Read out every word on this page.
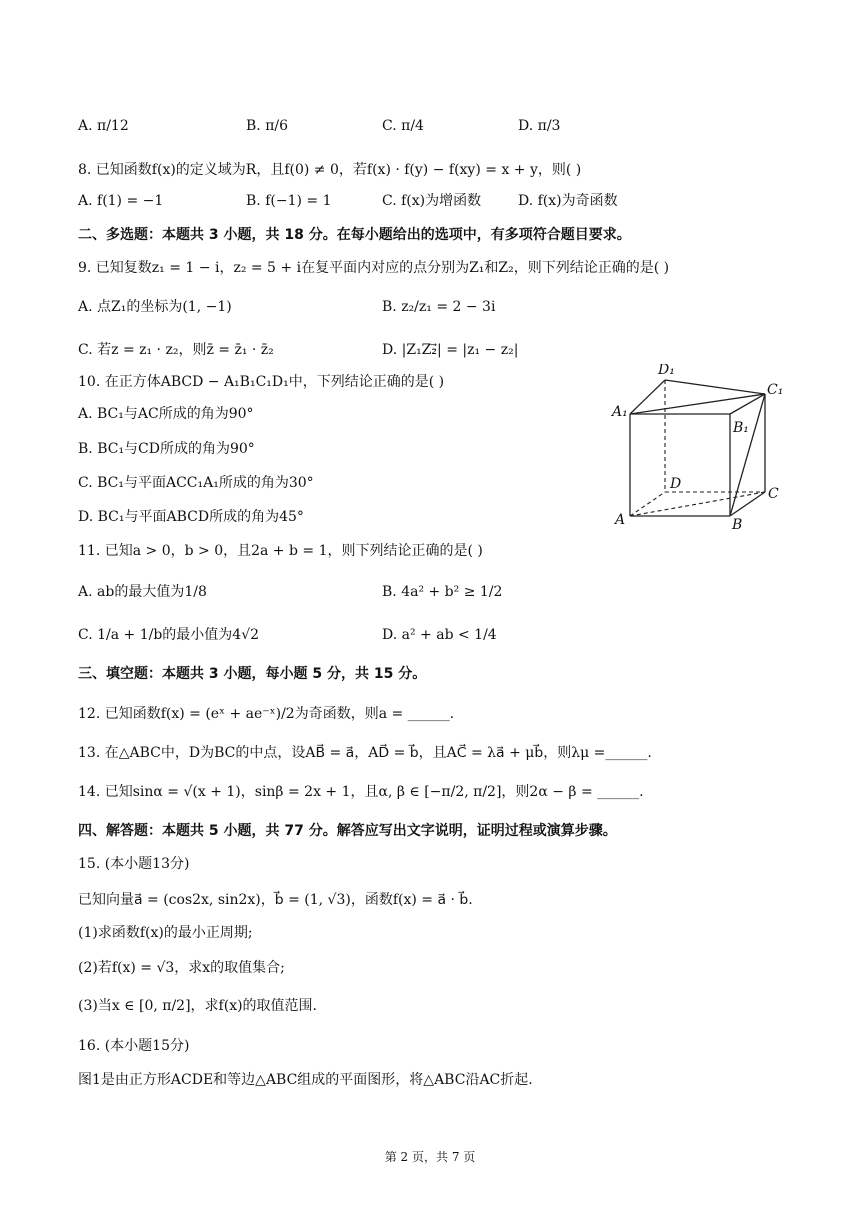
A. π/12	B. π/6	C. π/4	D. π/3
8. 已知函数f(x)的定义域为R，且f(0) ≠ 0，若f(x) · f(y) − f(xy) = x + y，则( )
A. f(1) = −1	B. f(−1) = 1	C. f(x)为增函数	D. f(x)为奇函数
二、多选题：本题共 3 小题，共 18 分。在每小题给出的选项中，有多项符合题目要求。
9. 已知复数z₁ = 1 − i，z₂ = 5 + i在复平面内对应的点分别为Z₁和Z₂，则下列结论正确的是( )
A. 点Z₁的坐标为(1, −1)	B. z₂/z₁ = 2 − 3i
C. 若z = z₁ · z₂，则z̄ = z̄₁ · z̄₂	D. |Z₁Z₂⃗| = |z₁ − z₂|
10. 在正方体ABCD − A₁B₁C₁D₁中，下列结论正确的是( )
A. BC₁与AC所成的角为90°
B. BC₁与CD所成的角为90°
C. BC₁与平面ACC₁A₁所成的角为30°
D. BC₁与平面ABCD所成的角为45°
A₁
D₁
C₁
B₁
D
C
A	B
11. 已知a > 0，b > 0，且2a + b = 1，则下列结论正确的是( )
A. ab的最大值为1/8	B. 4a² + b² ≥ 1/2
C. 1/a + 1/b的最小值为4√2	D. a² + ab < 1/4
三、填空题：本题共 3 小题，每小题 5 分，共 15 分。
12. 已知函数f(x) = (eˣ + ae⁻ˣ)/2为奇函数，则a = ______.
13. 在△ABC中，D为BC的中点，设AB⃗ = a⃗，AD⃗ = b⃗，且AC⃗ = λa⃗ + μb⃗，则λμ =______.
14. 已知sinα = √(x + 1)，sinβ = 2x + 1，且α, β ∈ [−π/2, π/2]，则2α − β = ______.
四、解答题：本题共 5 小题，共 77 分。解答应写出文字说明，证明过程或演算步骤。
15. (本小题13分)
已知向量a⃗ = (cos2x, sin2x)，b⃗ = (1, √3)，函数f(x) = a⃗ · b⃗.
(1)求函数f(x)的最小正周期;
(2)若f(x) = √3，求x的取值集合;
(3)当x ∈ [0, π/2]，求f(x)的取值范围.
16. (本小题15分)
图1是由正方形ACDE和等边△ABC组成的平面图形，将△ABC沿AC折起.
第 2 页，共 7 页
